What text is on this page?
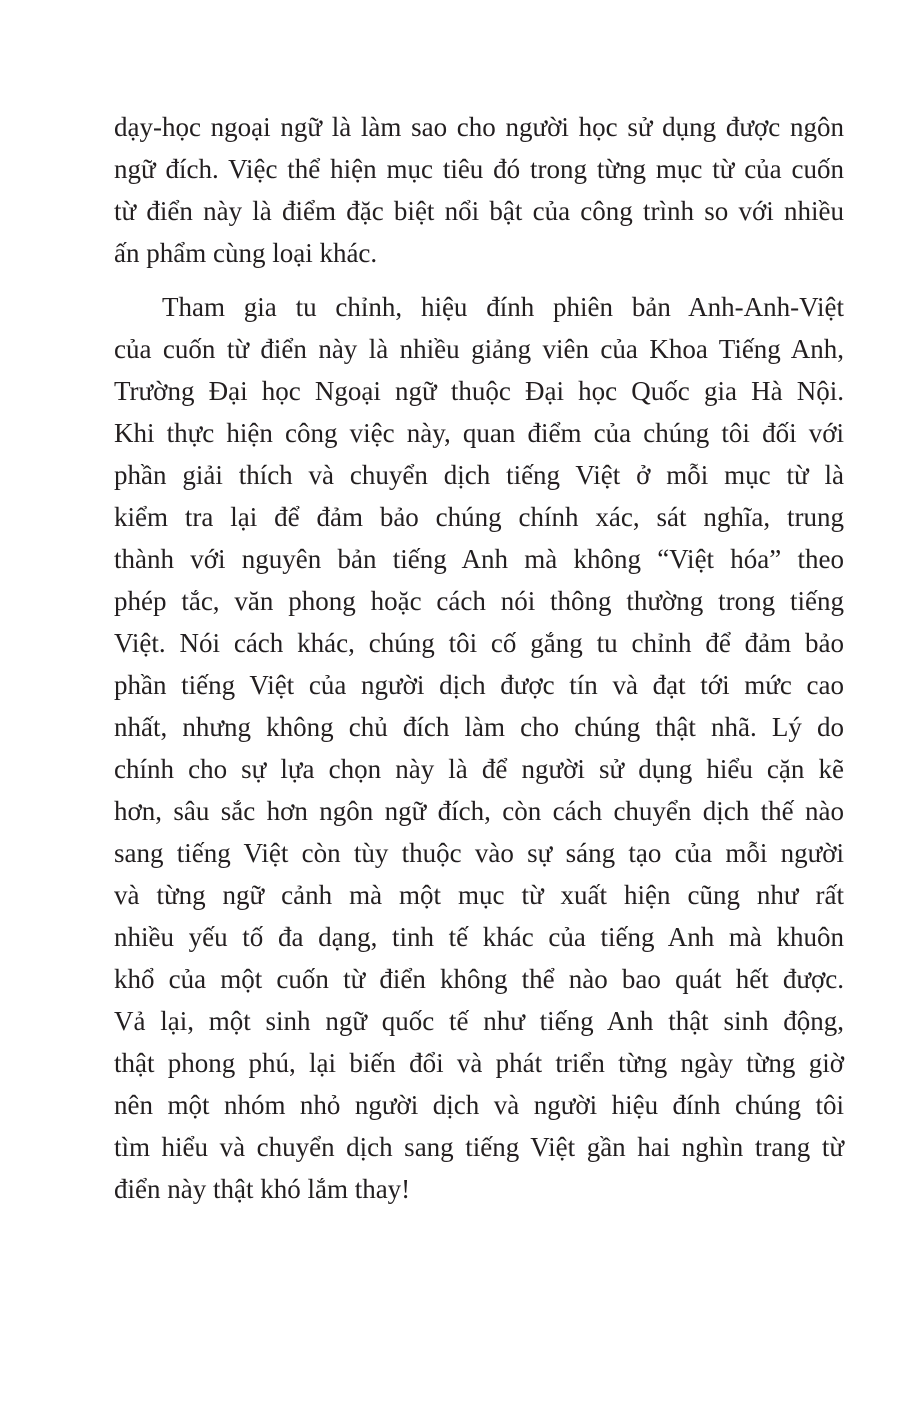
dạy-học ngoại ngữ là làm sao cho người học sử dụng được ngôn
ngữ đích. Việc thể hiện mục tiêu đó trong từng mục từ của cuốn
từ điển này là điểm đặc biệt nổi bật của công trình so với nhiều
ấn phẩm cùng loại khác.
Tham gia tu chỉnh, hiệu đính phiên bản Anh-Anh-Việt
của cuốn từ điển này là nhiều giảng viên của Khoa Tiếng Anh,
Trường Đại học Ngoại ngữ thuộc Đại học Quốc gia Hà Nội.
Khi thực hiện công việc này, quan điểm của chúng tôi đối với
phần giải thích và chuyển dịch tiếng Việt ở mỗi mục từ là
kiểm tra lại để đảm bảo chúng chính xác, sát nghĩa, trung
thành với nguyên bản tiếng Anh mà không “Việt hóa” theo
phép tắc, văn phong hoặc cách nói thông thường trong tiếng
Việt. Nói cách khác, chúng tôi cố gắng tu chỉnh để đảm bảo
phần tiếng Việt của người dịch được tín và đạt tới mức cao
nhất, nhưng không chủ đích làm cho chúng thật nhã. Lý do
chính cho sự lựa chọn này là để người sử dụng hiểu cặn kẽ
hơn, sâu sắc hơn ngôn ngữ đích, còn cách chuyển dịch thế nào
sang tiếng Việt còn tùy thuộc vào sự sáng tạo của mỗi người
và từng ngữ cảnh mà một mục từ xuất hiện cũng như rất
nhiều yếu tố đa dạng, tinh tế khác của tiếng Anh mà khuôn
khổ của một cuốn từ điển không thể nào bao quát hết được.
Vả lại, một sinh ngữ quốc tế như tiếng Anh thật sinh động,
thật phong phú, lại biến đổi và phát triển từng ngày từng giờ
nên một nhóm nhỏ người dịch và người hiệu đính chúng tôi
tìm hiểu và chuyển dịch sang tiếng Việt gần hai nghìn trang từ
điển này thật khó lắm thay!
